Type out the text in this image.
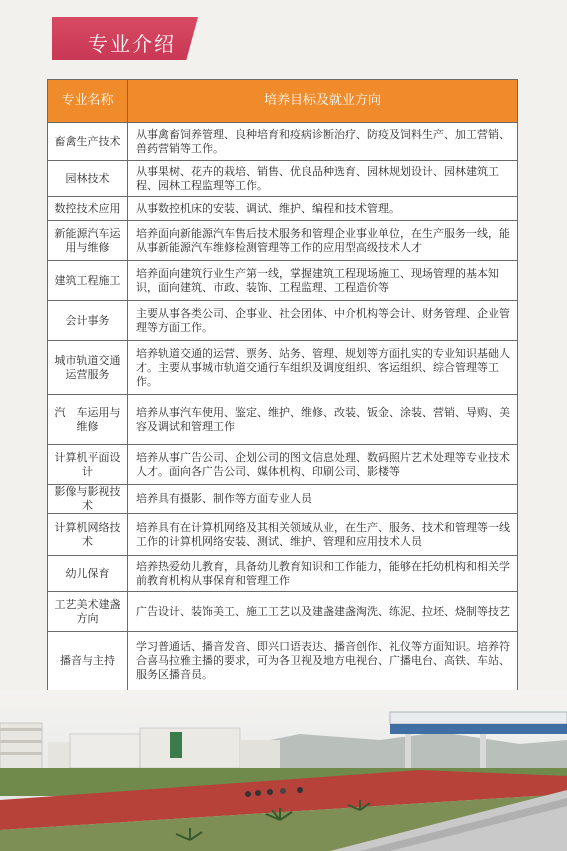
专业介绍
专业名称	培养目标及就业方向
畜禽生产技术	从事禽畜饲养管理、良种培育和疫病诊断治疗、防疫及饲料生产、加工营销、兽药营销等工作。
园林技术	从事果树、花卉的栽培、销售、优良品种选育、园林规划设计、园林建筑工程、园林工程监理等工作。
数控技术应用	从事数控机床的安装、调试、维护、编程和技术管理。
新能源汽车运用与维修	培养面向新能源汽车售后技术服务和管理企业事业单位，在生产服务一线，能从事新能源汽车维修检测管理等工作的应用型高级技术人才
建筑工程施工	培养面向建筑行业生产第一线，掌握建筑工程现场施工、现场管理的基本知识，面向建筑、市政、装饰、工程监理、工程造价等
会计事务	主要从事各类公司、企事业、社会团体、中介机构等会计、财务管理、企业管理等方面工作。
城市轨道交通运营服务	培养轨道交通的运营、票务、站务、管理、规划等方面扎实的专业知识基础人才。主要从事城市轨道交通行车组织及调度组织、客运组织、综合管理等工作。
汽　车运用与维修	培养从事汽车使用、鉴定、维护、维修、改装、钣金、涂装、营销、导购、美容及调试和管理工作
计算机平面设计	培养从事广告公司、企划公司的图文信息处理、数码照片艺术处理等专业技术人才。面向各广告公司、媒体机构、印刷公司、影楼等
影像与影视技术	培养具有摄影、制作等方面专业人员
计算机网络技术	培养具有在计算机网络及其相关领域从业，在生产、服务、技术和管理等一线工作的计算机网络安装、测试、维护、管理和应用技术人员
幼儿保育	培养热爱幼儿教育，具备幼儿教育知识和工作能力，能够在托幼机构和相关学前教育机构从事保育和管理工作
工艺美术建盏方向	广告设计、装饰美工、施工工艺以及建盏建盏淘洗、练泥、拉坯、烧制等技艺
播音与主持	学习普通话、播音发音、即兴口语表达、播音创作、礼仪等方面知识。培养符合喜马拉雅主播的要求，可为各卫视及地方电视台、广播电台、高铁、车站、服务区播音员。
